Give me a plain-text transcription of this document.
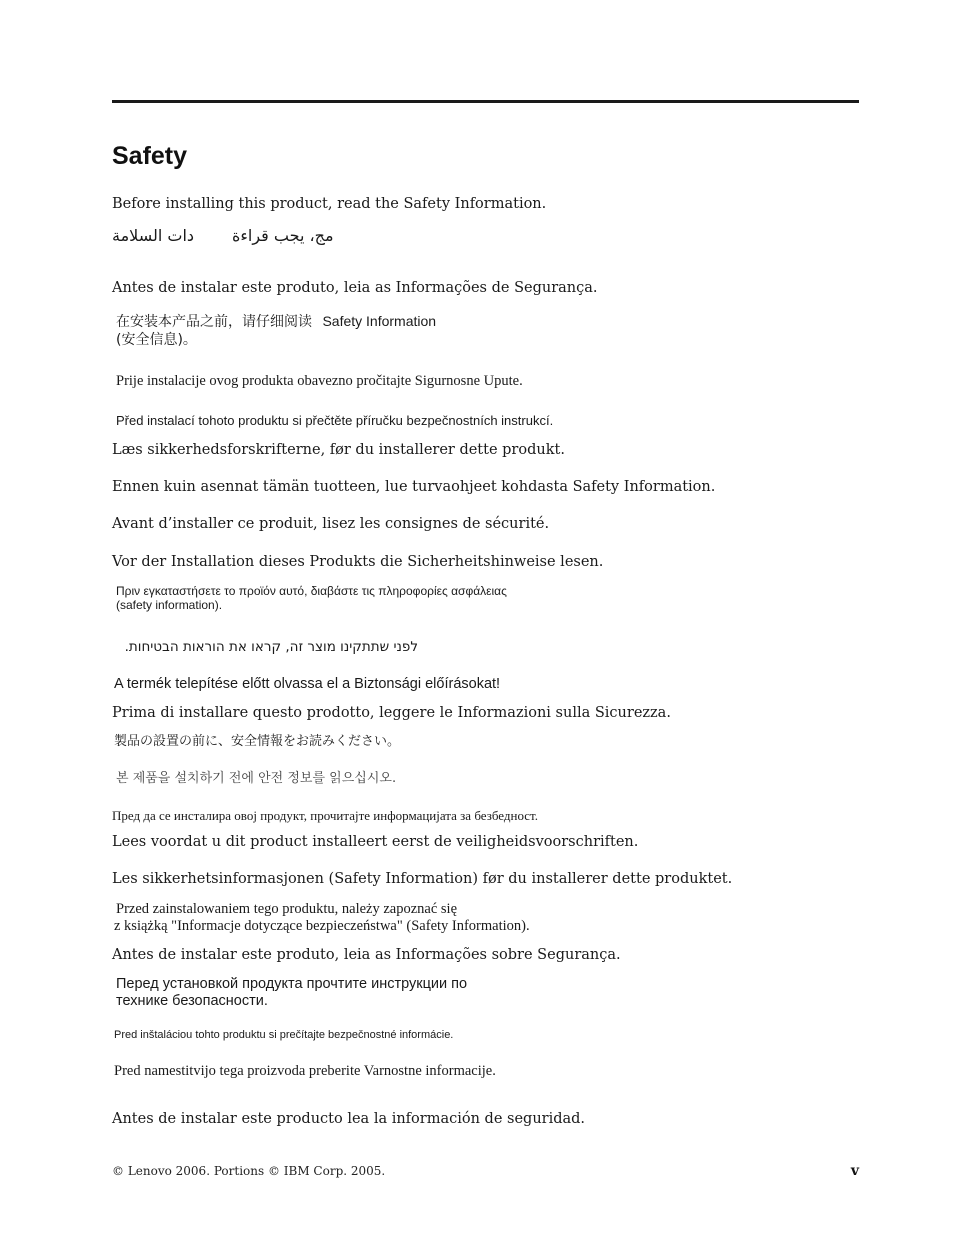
Safety
Before installing this product, read the Safety Information.
دات السلامة مج، يجب قراءة
Antes de instalar este produto, leia as Informações de Segurança.
在安装本产品之前，请仔细阅读 Safety Information
(安全信息)。
Prije instalacije ovog produkta obavezno pročitajte Sigurnosne Upute.
Před instalací tohoto produktu si přečtěte příručku bezpečnostních instrukcí.
Læs sikkerhedsforskrifterne, før du installerer dette produkt.
Ennen kuin asennat tämän tuotteen, lue turvaohjeet kohdasta Safety Information.
Avant d’installer ce produit, lisez les consignes de sécurité.
Vor der Installation dieses Produkts die Sicherheitshinweise lesen.
Πριν εγκαταστήσετε το προϊόν αυτό, διαβάστε τις πληροφορίες ασφάλειας
(safety information).
לפני שתתקינו מוצר זה, קראו את הוראות הבטיחות.
A termék telepítése előtt olvassa el a Biztonsági előírásokat!
Prima di installare questo prodotto, leggere le Informazioni sulla Sicurezza.
製品の設置の前に、安全情報をお読みください。
본 제품을 설치하기 전에 안전 정보를 읽으십시오.
Пред да се инсталира овој продукт, прочитајте информацијата за безбедност.
Lees voordat u dit product installeert eerst de veiligheidsvoorschriften.
Les sikkerhetsinformasjonen (Safety Information) før du installerer dette produktet.
Przed zainstalowaniem tego produktu, należy zapoznać się
z książką "Informacje dotyczące bezpieczeństwa" (Safety Information).
Antes de instalar este produto, leia as Informações sobre Segurança.
Перед установкой продукта прочтите инструкции по
технике безопасности.
Pred inštaláciou tohto produktu si prečítajte bezpečnostné informácie.
Pred namestitvijo tega proizvoda preberite Varnostne informacije.
Antes de instalar este producto lea la información de seguridad.
© Lenovo 2006. Portions © IBM Corp. 2005.	v
